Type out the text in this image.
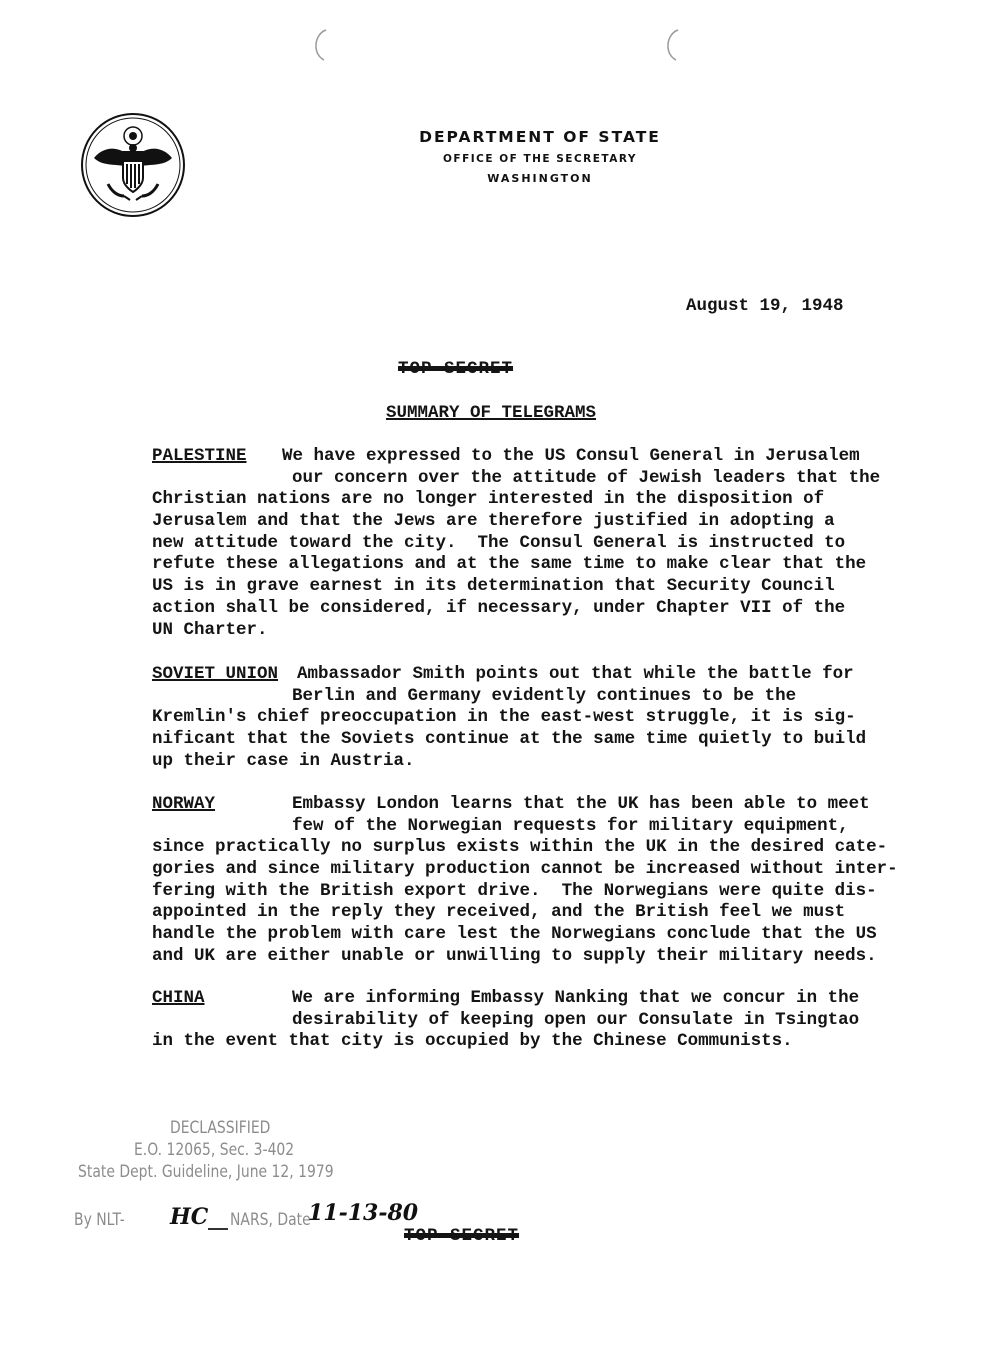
DEPARTMENT OF STATE
OFFICE OF THE SECRETARY
WASHINGTON
August 19, 1948
TOP SECRET
SUMMARY OF TELEGRAMS

PALESTINE

We have expressed to the US Consul General in Jerusalem

our concern over the attitude of Jewish leaders that the
Christian nations are no longer interested in the disposition of
Jerusalem and that the Jews are therefore justified in adopting a
new attitude toward the city.  The Consul General is instructed to
refute these allegations and at the same time to make clear that the
US is in grave earnest in its determination that Security Council
action shall be considered, if necessary, under Chapter VII of the
UN Charter.

SOVIET UNION

Ambassador Smith points out that while the battle for

Berlin and Germany evidently continues to be the
Kremlin's chief preoccupation in the east-west struggle, it is sig-
nificant that the Soviets continue at the same time quietly to build
up their case in Austria.

NORWAY

	Embassy London learns that the UK has been able to meet

few of the Norwegian requests for military equipment,
since practically no surplus exists within the UK in the desired cate-
gories and since military production cannot be increased without inter-
fering with the British export drive.  The Norwegians were quite dis-
appointed in the reply they received, and the British feel we must
handle the problem with care lest the Norwegians conclude that the US
and UK are either unable or unwilling to supply their military needs.

CHINA

	We are informing Embassy Nanking that we concur in the

desirability of keeping open our Consulate in Tsingtao
in the event that city is occupied by the Chinese Communists.
DECLASSIFIED
E.O. 12065, Sec. 3-402
State Dept. Guideline, June 12, 1979
By NLT-	NARS, Date
HC	11-13-80
TOP SECRET
